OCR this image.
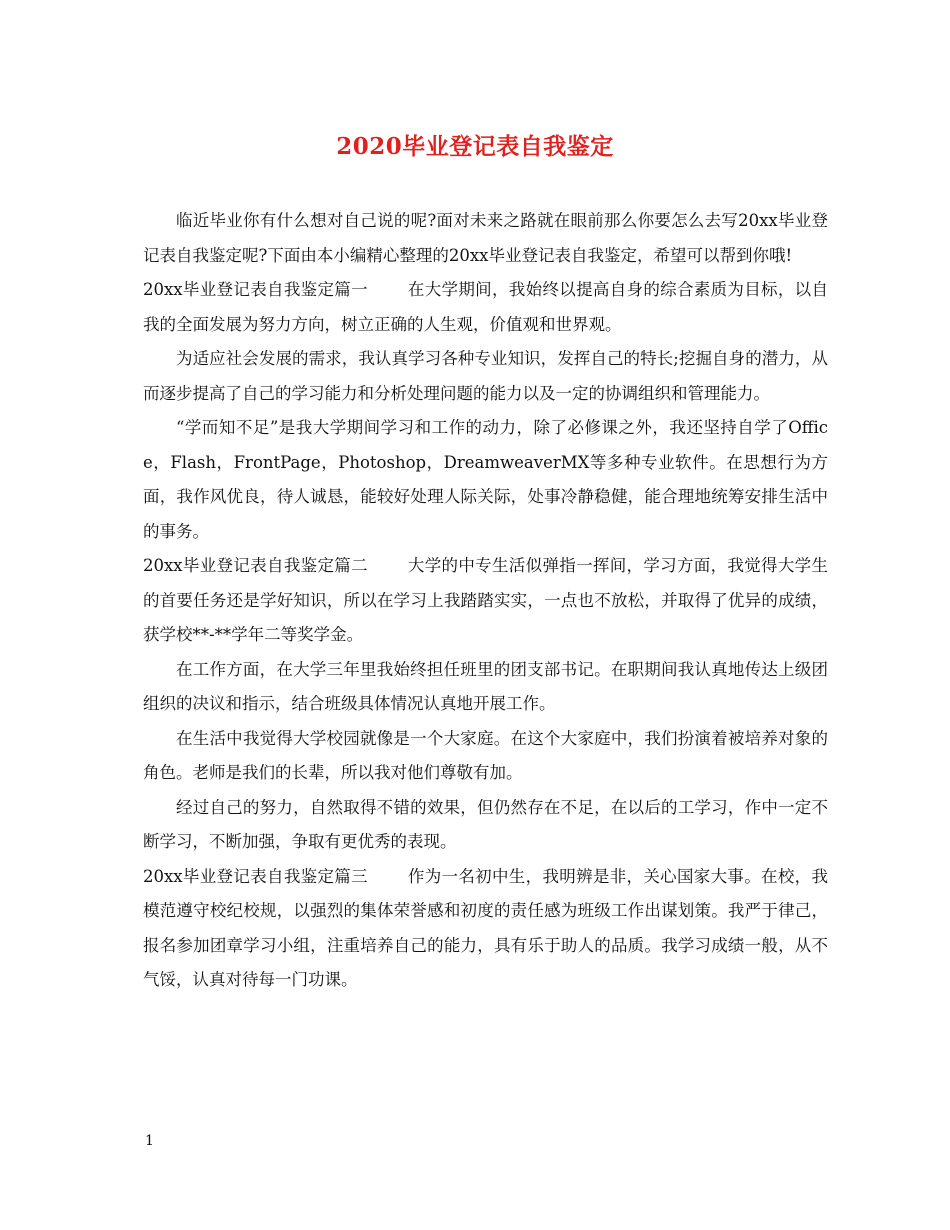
2020毕业登记表自我鉴定

临近毕业你有什么想对自己说的呢?面对未来之路就在眼前那么你要怎么去写20xx毕业登记表自我鉴定呢?下面由本小编精心整理的20xx毕业登记表自我鉴定，希望可以帮到你哦!

20xx毕业登记表自我鉴定篇一 在大学期间，我始终以提高自身的综合素质为目标，以自我的全面发展为努力方向，树立正确的人生观，价值观和世界观。

为适应社会发展的需求，我认真学习各种专业知识，发挥自己的特长;挖掘自身的潜力，从而逐步提高了自己的学习能力和分析处理问题的能力以及一定的协调组织和管理能力。

“学而知不足”是我大学期间学习和工作的动力，除了必修课之外，我还坚持自学了Office，Flash，FrontPage，Photoshop，DreamweaverMX等多种专业软件。在思想行为方面，我作风优良，待人诚恳，能较好处理人际关际，处事冷静稳健，能合理地统筹安排生活中的事务。

20xx毕业登记表自我鉴定篇二 大学的中专生活似弹指一挥间，学习方面，我觉得大学生的首要任务还是学好知识，所以在学习上我踏踏实实，一点也不放松，并取得了优异的成绩，获学校**-**学年二等奖学金。

在工作方面，在大学三年里我始终担任班里的团支部书记。在职期间我认真地传达上级团组织的决议和指示，结合班级具体情况认真地开展工作。

在生活中我觉得大学校园就像是一个大家庭。在这个大家庭中，我们扮演着被培养对象的角色。老师是我们的长辈，所以我对他们尊敬有加。

经过自己的努力，自然取得不错的效果，但仍然存在不足，在以后的工学习，作中一定不断学习，不断加强，争取有更优秀的表现。

20xx毕业登记表自我鉴定篇三 作为一名初中生，我明辨是非，关心国家大事。在校，我模范遵守校纪校规，以强烈的集体荣誉感和初度的责任感为班级工作出谋划策。我严于律己，报名参加团章学习小组，注重培养自己的能力，具有乐于助人的品质。我学习成绩一般，从不气馁，认真对待每一门功课。

1
